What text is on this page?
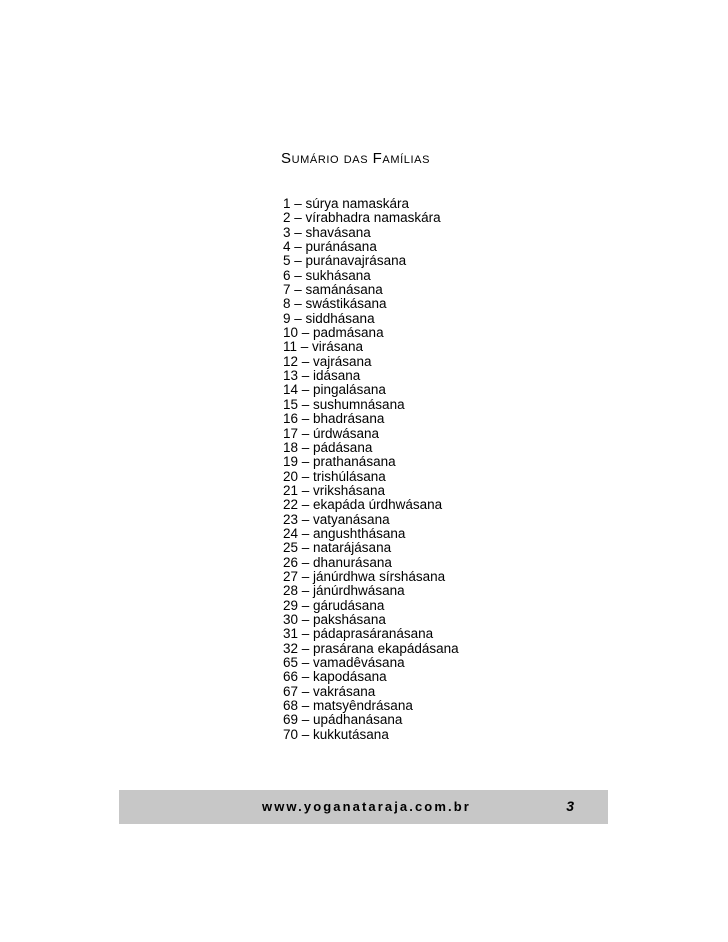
SUMÁRIO DAS FAMÍLIAS
1 – súrya namaskára
2 – vírabhadra namaskára
3 – shavásana
4 – puránásana
5 – puránavajrásana
6 – sukhásana
7 – samánásana
8 – swástikásana
9 – siddhásana
10 – padmásana
11 – virásana
12 – vajrásana
13 – idásana
14 – pingalásana
15 – sushumnásana
16 – bhadrásana
17 – úrdwásana
18 – pádásana
19 – prathanásana
20 – trishúlásana
21 – vrikshásana
22 – ekapáda úrdhwásana
23 – vatyanásana
24 – angushthásana
25 – natarájásana
26 – dhanurásana
27 – jánúrdhwa sírshásana
28 – jánúrdhwásana
29 – gárudásana
30 – pakshásana
31 – pádaprasáranásana
32 – prasárana ekapádásana
65 – vamadêvásana
66 – kapodásana
67 – vakrásana
68 – matsyêndrásana
69 – upádhanásana
70 – kukkutásana
www.yoganataraja.com.br	3
